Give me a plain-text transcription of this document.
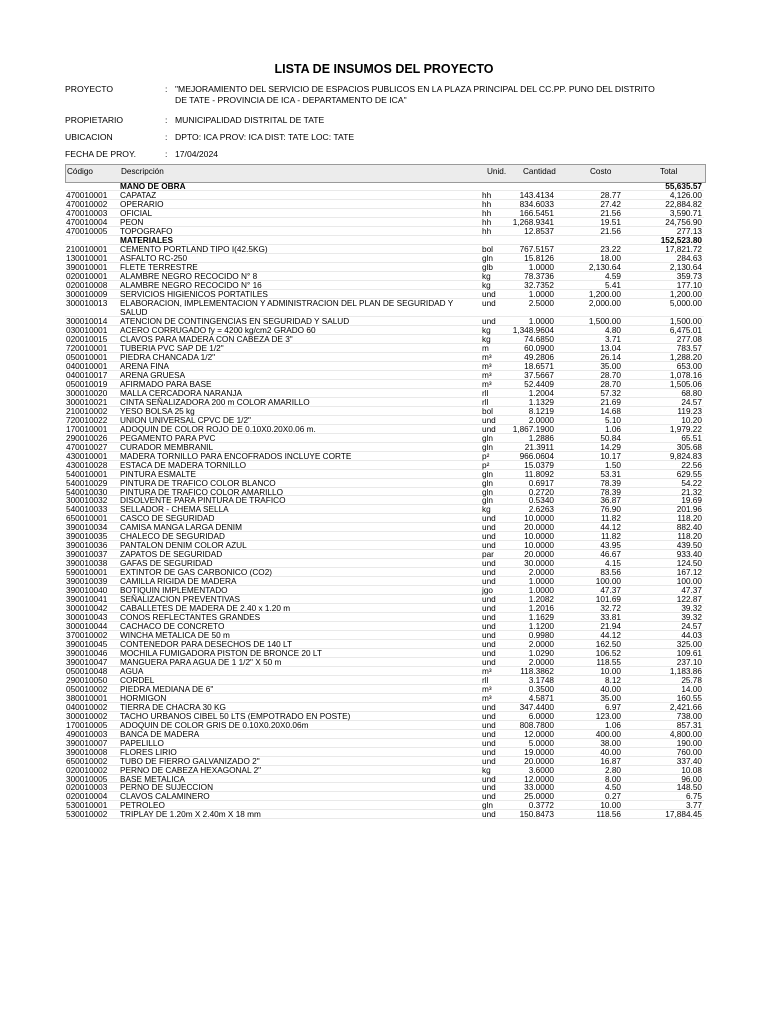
LISTA DE INSUMOS DEL PROYECTO
PROYECTO	: "MEJORAMIENTO DEL SERVICIO DE ESPACIOS PUBLICOS EN LA PLAZA PRINCIPAL DEL CC.PP. PUNO DEL DISTRITO DE TATE - PROVINCIA DE ICA - DEPARTAMENTO DE ICA"
PROPIETARIO	: MUNICIPALIDAD DISTRITAL DE TATE
UBICACION	: DPTO: ICA PROV: ICA DIST: TATE LOC: TATE
FECHA DE PROY.	: 17/04/2024
Código	Descripción	Unid. Cantidad	Costo	Total
MANO DE OBRA	55,635.57
470010001 CAPATAZ	hh	143.4134	28.77	4,126.00
470010002 OPERARIO	hh	834.6033	27.42	22,884.82
470010003 OFICIAL	hh	166.5451	21.56	3,590.71
470010004 PEON	hh	1,268.9341	19.51	24,756.90
470010005 TOPOGRAFO	hh	12.8537	21.56	277.13
MATERIALES	152,523.80
210010001 CEMENTO PORTLAND TIPO I(42.5KG)	bol	767.5157	23.22	17,821.72
130010001 ASFALTO RC-250	gln	15.8126	18.00	284.63
390010001 FLETE TERRESTRE	glb	1.0000	2,130.64	2,130.64
020010001 ALAMBRE NEGRO RECOCIDO N° 8	kg	78.3736	4.59	359.73
020010008 ALAMBRE NEGRO RECOCIDO N° 16	kg	32.7352	5.41	177.10
300010009 SERVICIOS HIGIENICOS PORTATILES	und	1.0000	1,200.00	1,200.00
300010013 ELABORACION, IMPLEMENTACION Y ADMINISTRACION DEL PLAN DE SEGURIDAD Y SALUD
und	2.5000	2,000.00	5,000.00
300010014 ATENCION DE CONTINGENCIAS EN SEGURIDAD Y SALUD	und	1.0000	1,500.00	1,500.00
030010001 ACERO CORRUGADO fy = 4200 kg/cm2 GRADO 60	kg	1,348.9604	4.80	6,475.01
020010015 CLAVOS PARA MADERA CON CABEZA DE 3"	kg	74.6850	3.71	277.08
720010001 TUBERIA PVC SAP DE 1/2"	m	60.0900	13.04	783.57
050010001 PIEDRA CHANCADA 1/2"	m³	49.2806	26.14	1,288.20
040010001 ARENA FINA	m³	18.6571	35.00	653.00
040010017 ARENA GRUESA	m³	37.5667	28.70	1,078.16
050010019 AFIRMADO PARA BASE	m³	52.4409	28.70	1,505.06
300010020 MALLA CERCADORA NARANJA	rll	1.2004	57.32	68.80
300010021 CINTA SEÑALIZADORA 200 m COLOR AMARILLO	rll	1.1329	21.69	24.57
210010002 YESO BOLSA 25 kg	bol	8.1219	14.68	119.23
720010022 UNION UNIVERSAL CPVC DE 1/2"	und	2.0000	5.10	10.20
170010001 ADOQUIN DE COLOR ROJO DE 0.10X0.20X0.06 m.	und 1,867.1900	1.06	1,979.22
290010026 PEGAMENTO PARA PVC	gln	1.2886	50.84	65.51
470010027 CURADOR MEMBRANIL	gln	21.3911	14.29	305.68
430010001 MADERA TORNILLO PARA ENCOFRADOS INCLUYE CORTE	p²	966.0604	10.17	9,824.83
430010028 ESTACA DE MADERA TORNILLO	p²	15.0379	1.50	22.56
540010001 PINTURA ESMALTE	gln	11.8092	53.31	629.55
540010029 PINTURA DE TRAFICO COLOR BLANCO	gln	0.6917	78.39	54.22
540010030 PINTURA DE TRAFICO COLOR AMARILLO	gln	0.2720	78.39	21.32
300010032 DISOLVENTE PARA PINTURA DE TRAFICO	gln	0.5340	36.87	19.69
540010033 SELLADOR - CHEMA SELLA	kg	2.6263	76.90	201.96
650010001 CASCO DE SEGURIDAD	und	10.0000	11.82	118.20
390010034 CAMISA MANGA LARGA DENIM	und	20.0000	44.12	882.40
390010035 CHALECO DE SEGURIDAD	und	10.0000	11.82	118.20
390010036 PANTALON DENIM COLOR AZUL	und	10.0000	43.95	439.50
390010037 ZAPATOS DE SEGURIDAD	par	20.0000	46.67	933.40
390010038 GAFAS DE SEGURIDAD	und	30.0000	4.15	124.50
590010001 EXTINTOR DE GAS CARBONICO (CO2)	und	2.0000	83.56	167.12
390010039 CAMILLA RIGIDA DE MADERA	und	1.0000	100.00	100.00
390010040 BOTIQUIN IMPLEMENTADO	jgo	1.0000	47.37	47.37
390010041 SEÑALIZACION PREVENTIVAS	und	1.2082	101.69	122.87
300010042 CABALLETES DE MADERA DE 2.40 x 1.20 m	und	1.2016	32.72	39.32
300010043 CONOS REFLECTANTES GRANDES	und	1.1629	33.81	39.32
300010044 CACHACO DE CONCRETO	und	1.1200	21.94	24.57
370010002 WINCHA METALICA DE 50 m	und	0.9980	44.12	44.03
390010045 CONTENEDOR PARA DESECHOS DE 140 LT	und	2.0000	162.50	325.00
390010046 MOCHILA FUMIGADORA PISTON DE BRONCE 20 LT	und	1.0290	106.52	109.61
390010047 MANGUERA PARA AGUA DE 1 1/2" X 50 m	und	2.0000	118.55	237.10
050010048 AGUA	m³	118.3862	10.00	1,183.86
290010050 CORDEL	rll	3.1748	8.12	25.78
050010002 PIEDRA MEDIANA DE 6"	m³	0.3500	40.00	14.00
380010001 HORMIGON	m³	4.5871	35.00	160.55
040010002 TIERRA DE CHACRA 30 KG	und	347.4400	6.97	2,421.66
300010002 TACHO URBANOS CIBEL 50 LTS (EMPOTRADO EN POSTE)	und	6.0000	123.00	738.00
170010005 ADOQUIN DE COLOR GRIS DE 0.10X0.20X0.06m	und	808.7800	1.06	857.31
490010003 BANCA DE MADERA	und	12.0000	400.00	4,800.00
390010007 PAPELILLO	und	5.0000	38.00	190.00
390010008 FLORES LIRIO	und	19.0000	40.00	760.00
650010002 TUBO DE FIERRO GALVANIZADO 2"	und	20.0000	16.87	337.40
020010002 PERNO DE CABEZA HEXAGONAL 2"	kg	3.6000	2.80	10.08
300010005 BASE METALICA	und	12.0000	8.00	96.00
020010003 PERNO DE SUJECCION	und	33.0000	4.50	148.50
020010004 CLAVOS CALAMINERO	und	25.0000	0.27	6.75
530010001 PETROLEO	gln	0.3772	10.00	3.77
530010002 TRIPLAY DE 1.20m X 2.40m X 18 mm	und	150.8473	118.56	17,884.45
